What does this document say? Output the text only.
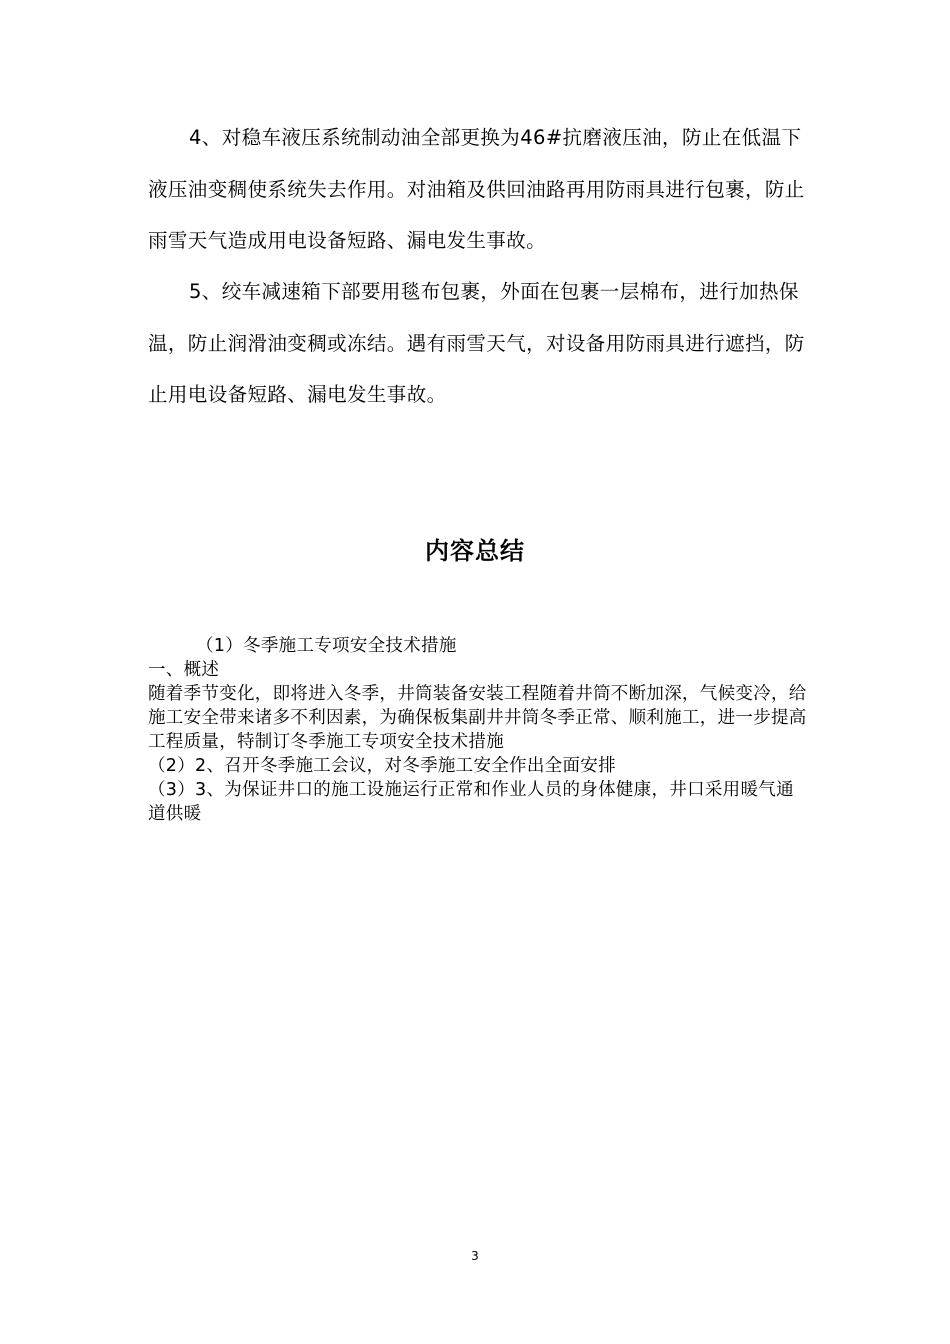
4、对稳车液压系统制动油全部更换为46#抗磨液压油，防止在低温下液压油变稠使系统失去作用。对油箱及供回油路再用防雨具进行包裹，防止雨雪天气造成用电设备短路、漏电发生事故。

5、绞车减速箱下部要用毯布包裹，外面在包裹一层棉布，进行加热保温，防止润滑油变稠或冻结。遇有雨雪天气，对设备用防雨具进行遮挡，防止用电设备短路、漏电发生事故。

内容总结

（1）冬季施工专项安全技术措施

一、概述

随着季节变化，即将进入冬季，井筒装备安装工程随着井筒不断加深，气候变冷，给施工安全带来诸多不利因素，为确保板集副井井筒冬季正常、顺利施工，进一步提高工程质量，特制订冬季施工专项安全技术措施

（2）2、召开冬季施工会议，对冬季施工安全作出全面安排

（3）3、为保证井口的施工设施运行正常和作业人员的身体健康，井口采用暖气通道供暖

3
